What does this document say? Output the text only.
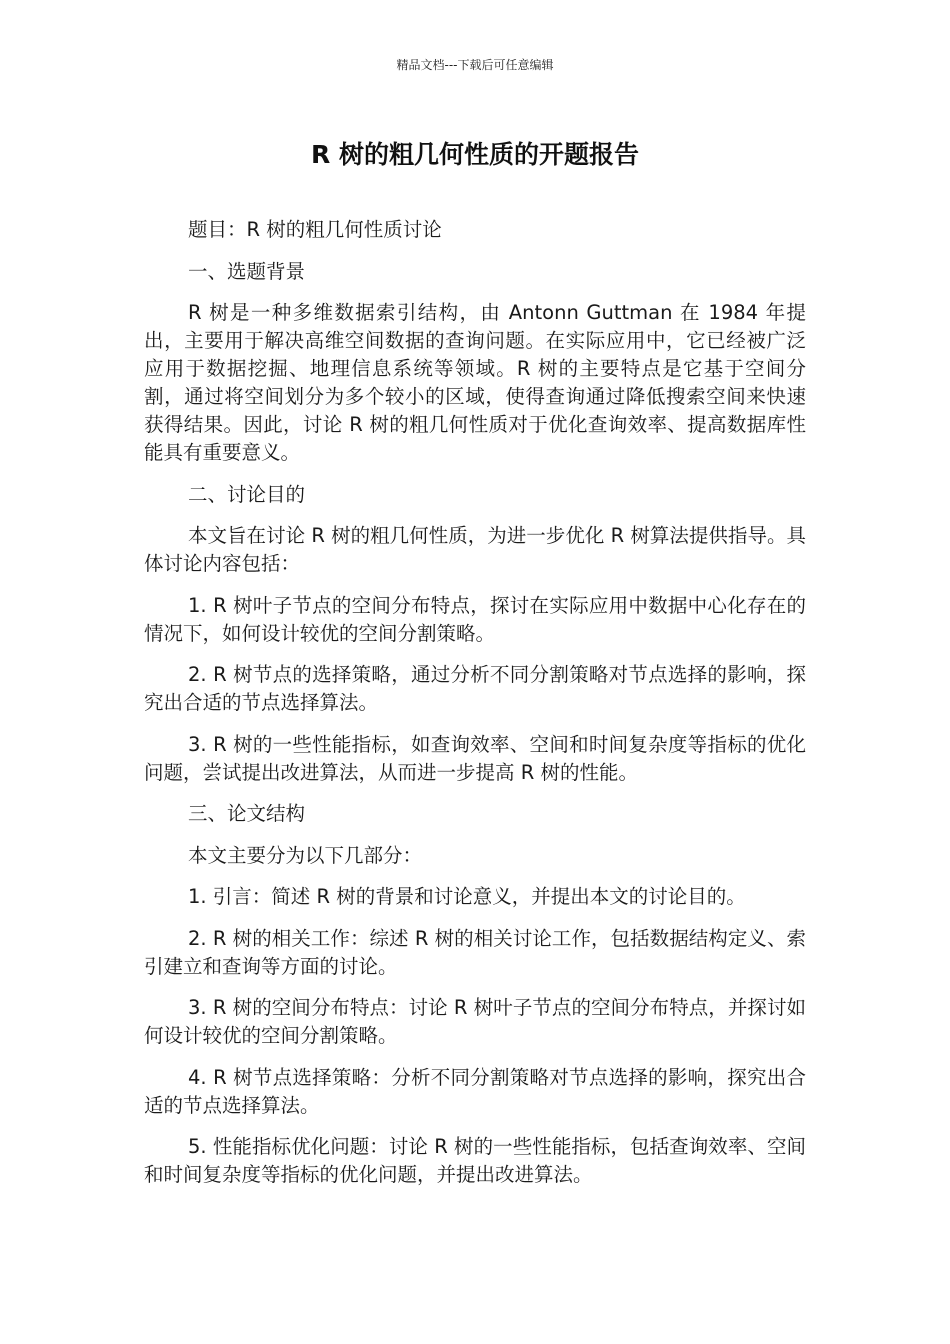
精品文档---下载后可任意编辑
R 树的粗几何性质的开题报告

题目：R 树的粗几何性质讨论

一、选题背景

R 树是一种多维数据索引结构，由 Antonn Guttman 在 1984 年提出，主要用于解决高维空间数据的查询问题。在实际应用中，它已经被广泛应用于数据挖掘、地理信息系统等领域。R 树的主要特点是它基于空间分割，通过将空间划分为多个较小的区域，使得查询通过降低搜索空间来快速获得结果。因此，讨论 R 树的粗几何性质对于优化查询效率、提高数据库性能具有重要意义。

二、讨论目的

本文旨在讨论 R 树的粗几何性质，为进一步优化 R 树算法提供指导。具体讨论内容包括：

1. R 树叶子节点的空间分布特点，探讨在实际应用中数据中心化存在的情况下，如何设计较优的空间分割策略。

2. R 树节点的选择策略，通过分析不同分割策略对节点选择的影响，探究出合适的节点选择算法。

3. R 树的一些性能指标，如查询效率、空间和时间复杂度等指标的优化问题，尝试提出改进算法，从而进一步提高 R 树的性能。

三、论文结构

本文主要分为以下几部分：

1. 引言：简述 R 树的背景和讨论意义，并提出本文的讨论目的。

2. R 树的相关工作：综述 R 树的相关讨论工作，包括数据结构定义、索引建立和查询等方面的讨论。

3. R 树的空间分布特点：讨论 R 树叶子节点的空间分布特点，并探讨如何设计较优的空间分割策略。

4. R 树节点选择策略：分析不同分割策略对节点选择的影响，探究出合适的节点选择算法。

5. 性能指标优化问题：讨论 R 树的一些性能指标，包括查询效率、空间和时间复杂度等指标的优化问题，并提出改进算法。
